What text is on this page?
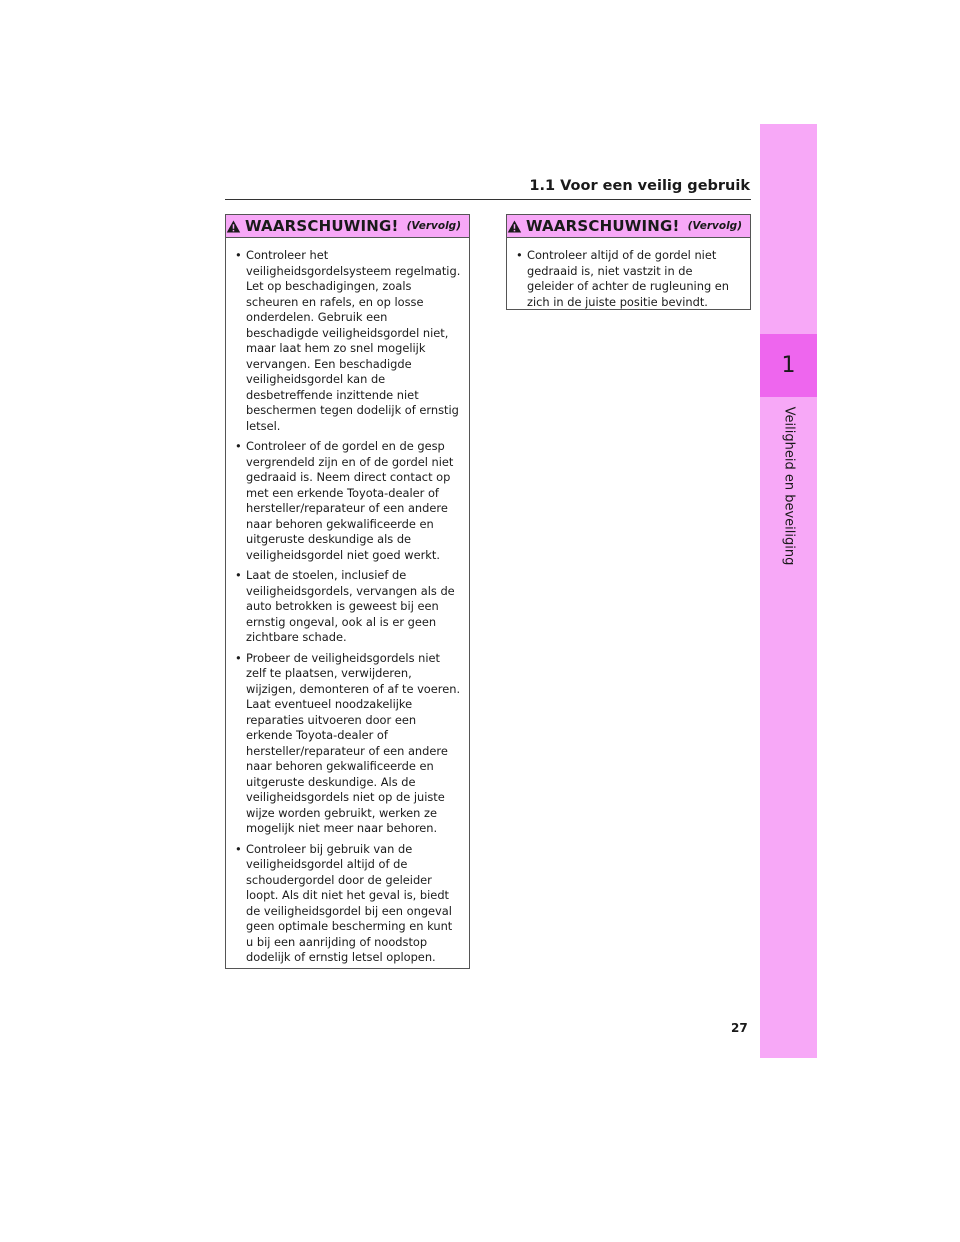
1
Veiligheid en beveiliging
1.1 Voor een veilig gebruik
WAARSCHUWING! (Vervolg)
• Controleer het veiligheidsgordelsysteem regelmatig. Let op beschadigingen, zoals scheuren en rafels, en op losse onderdelen. Gebruik een beschadigde veiligheidsgordel niet, maar laat hem zo snel mogelijk vervangen. Een beschadigde veiligheidsgordel kan de desbetreffende inzittende niet beschermen tegen dodelijk of ernstig letsel.
• Controleer of de gordel en de gesp vergrendeld zijn en of de gordel niet gedraaid is. Neem direct contact op met een erkende Toyota-dealer of hersteller/reparateur of een andere naar behoren gekwalificeerde en uitgeruste deskundige als de veiligheidsgordel niet goed werkt.
• Laat de stoelen, inclusief de veiligheidsgordels, vervangen als de auto betrokken is geweest bij een ernstig ongeval, ook al is er geen zichtbare schade.
• Probeer de veiligheidsgordels niet zelf te plaatsen, verwijderen, wijzigen, demonteren of af te voeren. Laat eventueel noodzakelijke reparaties uitvoeren door een erkende Toyota-dealer of hersteller/reparateur of een andere naar behoren gekwalificeerde en uitgeruste deskundige. Als de veiligheidsgordels niet op de juiste wijze worden gebruikt, werken ze mogelijk niet meer naar behoren.
• Controleer bij gebruik van de veiligheidsgordel altijd of de schoudergordel door de geleider loopt. Als dit niet het geval is, biedt de veiligheidsgordel bij een ongeval geen optimale bescherming en kunt u bij een aanrijding of noodstop dodelijk of ernstig letsel oplopen.
WAARSCHUWING! (Vervolg)
• Controleer altijd of de gordel niet gedraaid is, niet vastzit in de geleider of achter de rugleuning en zich in de juiste positie bevindt.
27
